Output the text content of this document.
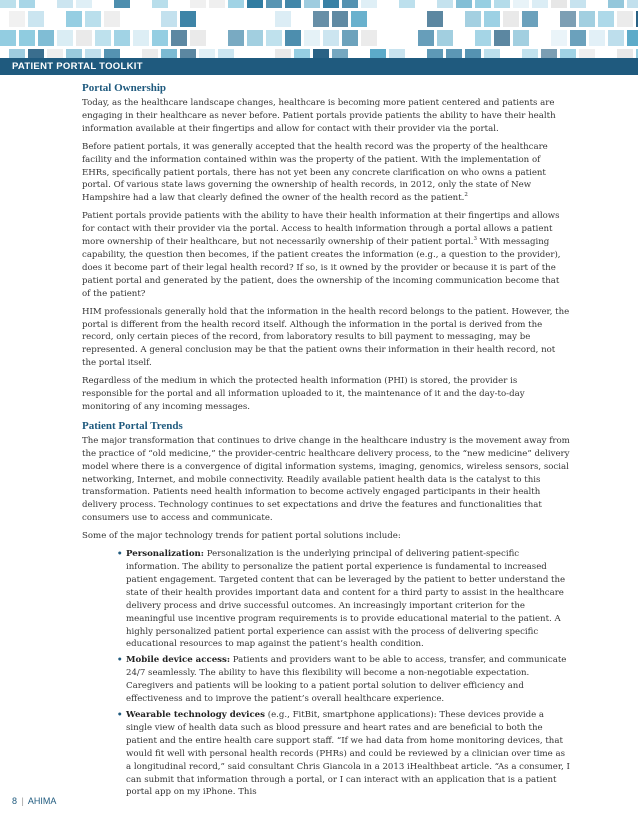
PATIENT PORTAL TOOLKIT
Portal Ownership

Today, as the healthcare landscape changes, healthcare is becoming more patient centered and patients are engaging in their healthcare as never before. Patient portals provide patients the ability to have their health information available at their fingertips and allow for contact with their provider via the portal.

Before patient portals, it was generally accepted that the health record was the property of the healthcare facility and the information contained within was the property of the patient. With the implementation of EHRs, specifically patient portals, there has not yet been any concrete clarification on who owns a patient portal. Of various state laws governing the ownership of health records, in 2012, only the state of New Hampshire had a law that clearly defined the owner of the health record as the patient.$^2$

Patient portals provide patients with the ability to have their health information at their fingertips and allows for contact with their provider via the portal. Access to health information through a portal allows a patient more ownership of their healthcare, but not necessarily ownership of their patient portal.$^3$ With messaging capability, the question then becomes, if the patient creates the information (e.g., a question to the provider), does it become part of their legal health record? If so, is it owned by the provider or because it is part of the patient portal and generated by the patient, does the ownership of the incoming communication become that of the patient?

HIM professionals generally hold that the information in the health record belongs to the patient. However, the portal is different from the health record itself. Although the information in the portal is derived from the record, only certain pieces of the record, from laboratory results to bill payment to messaging, may be represented. A general conclusion may be that the patient owns their information in their health record, not the portal itself.

Regardless of the medium in which the protected health information (PHI) is stored, the provider is responsible for the portal and all information uploaded to it, the maintenance of it and the day-to-day monitoring of any incoming messages.

Patient Portal Trends

The major transformation that continues to drive change in the healthcare industry is the movement away from the practice of “old medicine,” the provider-centric healthcare delivery process, to the “new medicine” delivery model where there is a convergence of digital information systems, imaging, genomics, wireless sensors, social networking, Internet, and mobile connectivity. Readily available patient health data is the catalyst to this transformation. Patients need health information to become actively engaged participants in their health delivery process. Technology continues to set expectations and drive the features and functionalities that consumers use to access and communicate.

Some of the major technology trends for patient portal solutions include:

• Personalization: Personalization is the underlying principal of delivering patient-specific information. The ability to personalize the patient portal experience is fundamental to increased patient engagement. Targeted content that can be leveraged by the patient to better understand the state of their health provides important data and content for a third party to assist in the healthcare delivery process and drive successful outcomes. An increasingly important criterion for the meaningful use incentive program requirements is to provide educational material to the patient. A highly personalized patient portal experience can assist with the process of delivering specific educational resources to map against the patient’s health condition.
• Mobile device access: Patients and providers want to be able to access, transfer, and communicate 24/7 seamlessly. The ability to have this flexibility will become a non-negotiable expectation. Caregivers and patients will be looking to a patient portal solution to deliver efficiency and effectiveness and to improve the patient’s overall healthcare experience.
• Wearable technology devices (e.g., FitBit, smartphone applications): These devices provide a single view of health data such as blood pressure and heart rates and are beneficial to both the patient and the entire health care support staff. “If we had data from home monitoring devices, that would fit well with personal health records (PHRs) and could be reviewed by a clinician over time as a longitudinal record,” said consultant Chris Giancola in a 2013 iHealthbeat article. “As a consumer, I can submit that information through a portal, or I can interact with an application that is a patient portal app on my iPhone. This
8 | AHIMA
